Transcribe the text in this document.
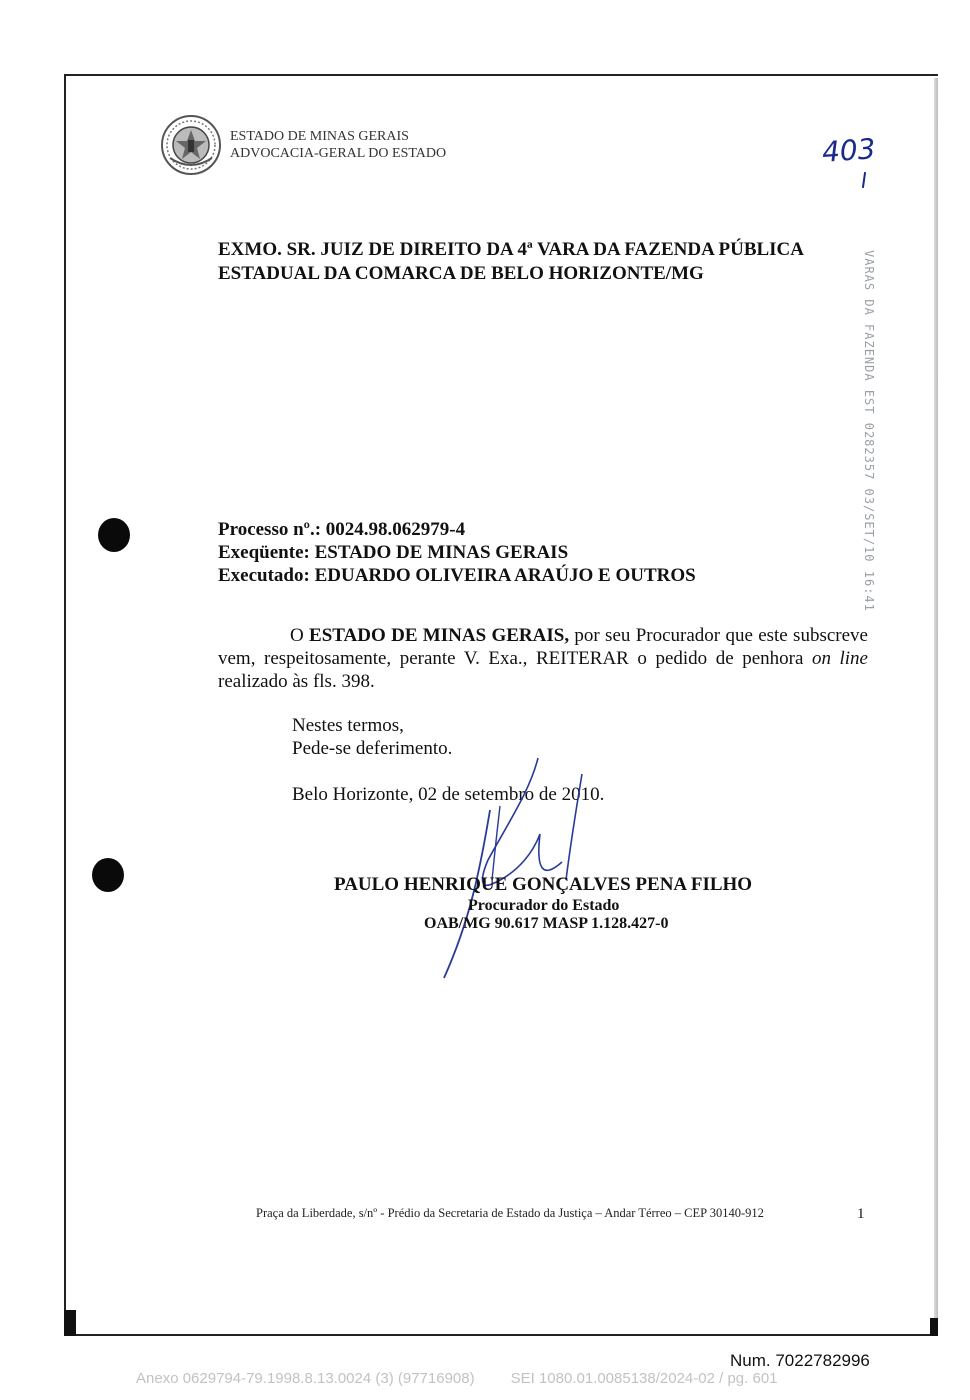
ESTADO DE MINAS GERAIS
ADVOCACIA-GERAL DO ESTADO	403
EXMO. SR. JUIZ DE DIREITO DA 4ª VARA DA FAZENDA PÚBLICA
ESTADUAL DA COMARCA DE BELO HORIZONTE/MG	VARAS DA FAZENDA EST 0282357 03/SET/10 16:41
Processo nº.: 0024.98.062979-4
Exeqüente: ESTADO DE MINAS GERAIS
Executado: EDUARDO OLIVEIRA ARAÚJO E OUTROS
O ESTADO DE MINAS GERAIS, por seu Procurador que este subscreve vem, respeitosamente, perante V. Exa., REITERAR o pedido de penhora on line realizado às fls. 398.
Nestes termos,
Pede-se deferimento.
Belo Horizonte, 02 de setembro de 2010.
PAULO HENRIQUE GONÇALVES PENA FILHO
Procurador do Estado
OAB/MG 90.617 MASP 1.128.427-0
Praça da Liberdade, s/nº - Prédio da Secretaria de Estado da Justiça – Andar Térreo – CEP 30140-912	1
Num. 7022782996
Anexo 0629794-79.1998.8.13.0024 (3) (97716908) SEI 1080.01.0085138/2024-02 / pg. 601
